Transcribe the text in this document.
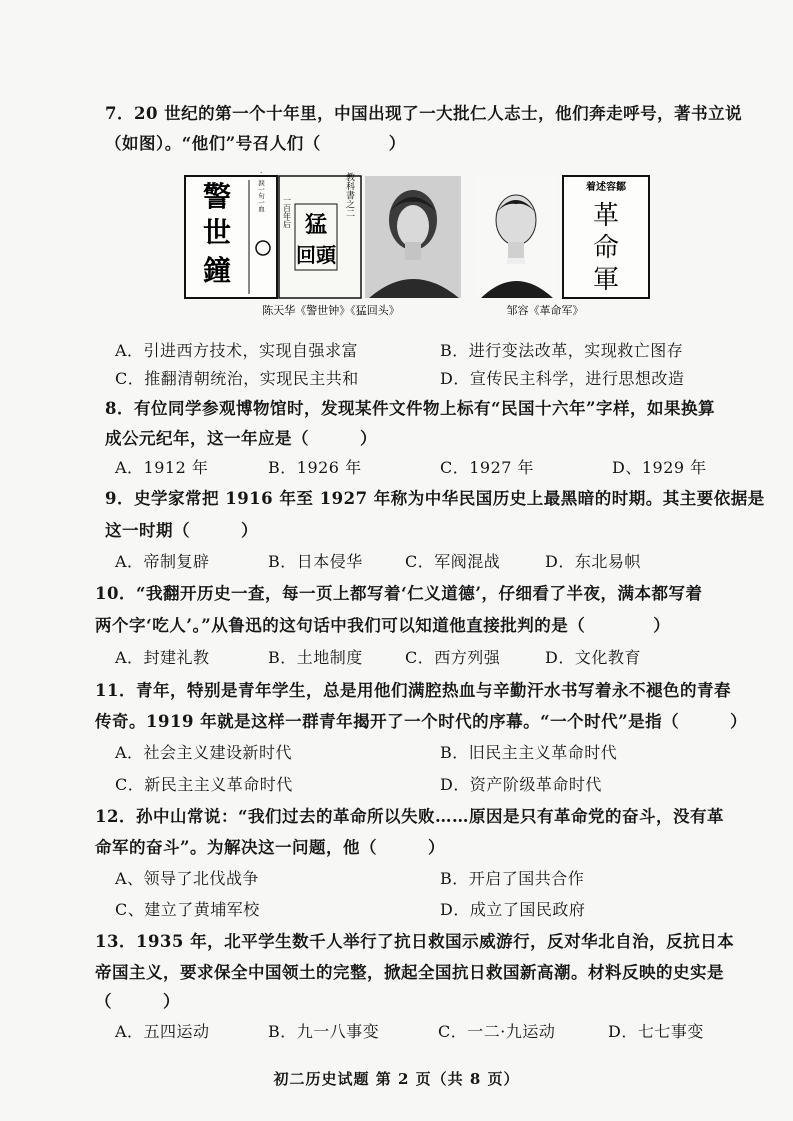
7．20 世纪的第一个十年里，中国出现了一大批仁人志士，他们奔走呼号，著书立说
（如图）。“他们”号召人们（　　　　）
警
世
鐘
一字一淚一句一血	國民教科書之二
一百年后 猛
回頭
着述容鄒
革
命
軍
陈天华《警世钟》《猛回头》	邹容《革命军》
A．引进西方技术，实现自强求富	B．进行变法改革，实现救亡图存
C．推翻清朝统治，实现民主共和	D．宣传民主科学，进行思想改造
8．有位同学参观博物馆时，发现某件文件物上标有“民国十六年”字样，如果换算
成公元纪年，这一年应是（　　　）
A．1912 年	B．1926 年	C．1927 年	D、1929 年
9．史学家常把 1916 年至 1927 年称为中华民国历史上最黑暗的时期。其主要依据是
这一时期（　　　）
A．帝制复辟	B．日本侵华	C．军阀混战	D．东北易帜
10．“我翻开历史一查，每一页上都写着‘仁义道德’，仔细看了半夜，满本都写着
两个字‘吃人’。”从鲁迅的这句话中我们可以知道他直接批判的是（　　　　）
A．封建礼教	B．土地制度	C．西方列强	D．文化教育
11．青年，特别是青年学生，总是用他们满腔热血与辛勤汗水书写着永不褪色的青春
传奇。1919 年就是这样一群青年揭开了一个时代的序幕。“一个时代”是指（　　　）
A．社会主义建设新时代	B．旧民主主义革命时代
C．新民主主义革命时代	D．资产阶级革命时代
12．孙中山常说：“我们过去的革命所以失败……原因是只有革命党的奋斗，没有革
命军的奋斗”。为解决这一问题，他（　　　）
A、领导了北伐战争	B．开启了国共合作
C、建立了黄埔军校	D．成立了国民政府
13．1935 年，北平学生数千人举行了抗日救国示威游行，反对华北自治，反抗日本
帝国主义，要求保全中国领土的完整，掀起全国抗日救国新高潮。材料反映的史实是
（　　　）
A．五四运动	B．九一八事变	C．一二·九运动	D．七七事变
初二历史试题 第 2 页（共 8 页）
